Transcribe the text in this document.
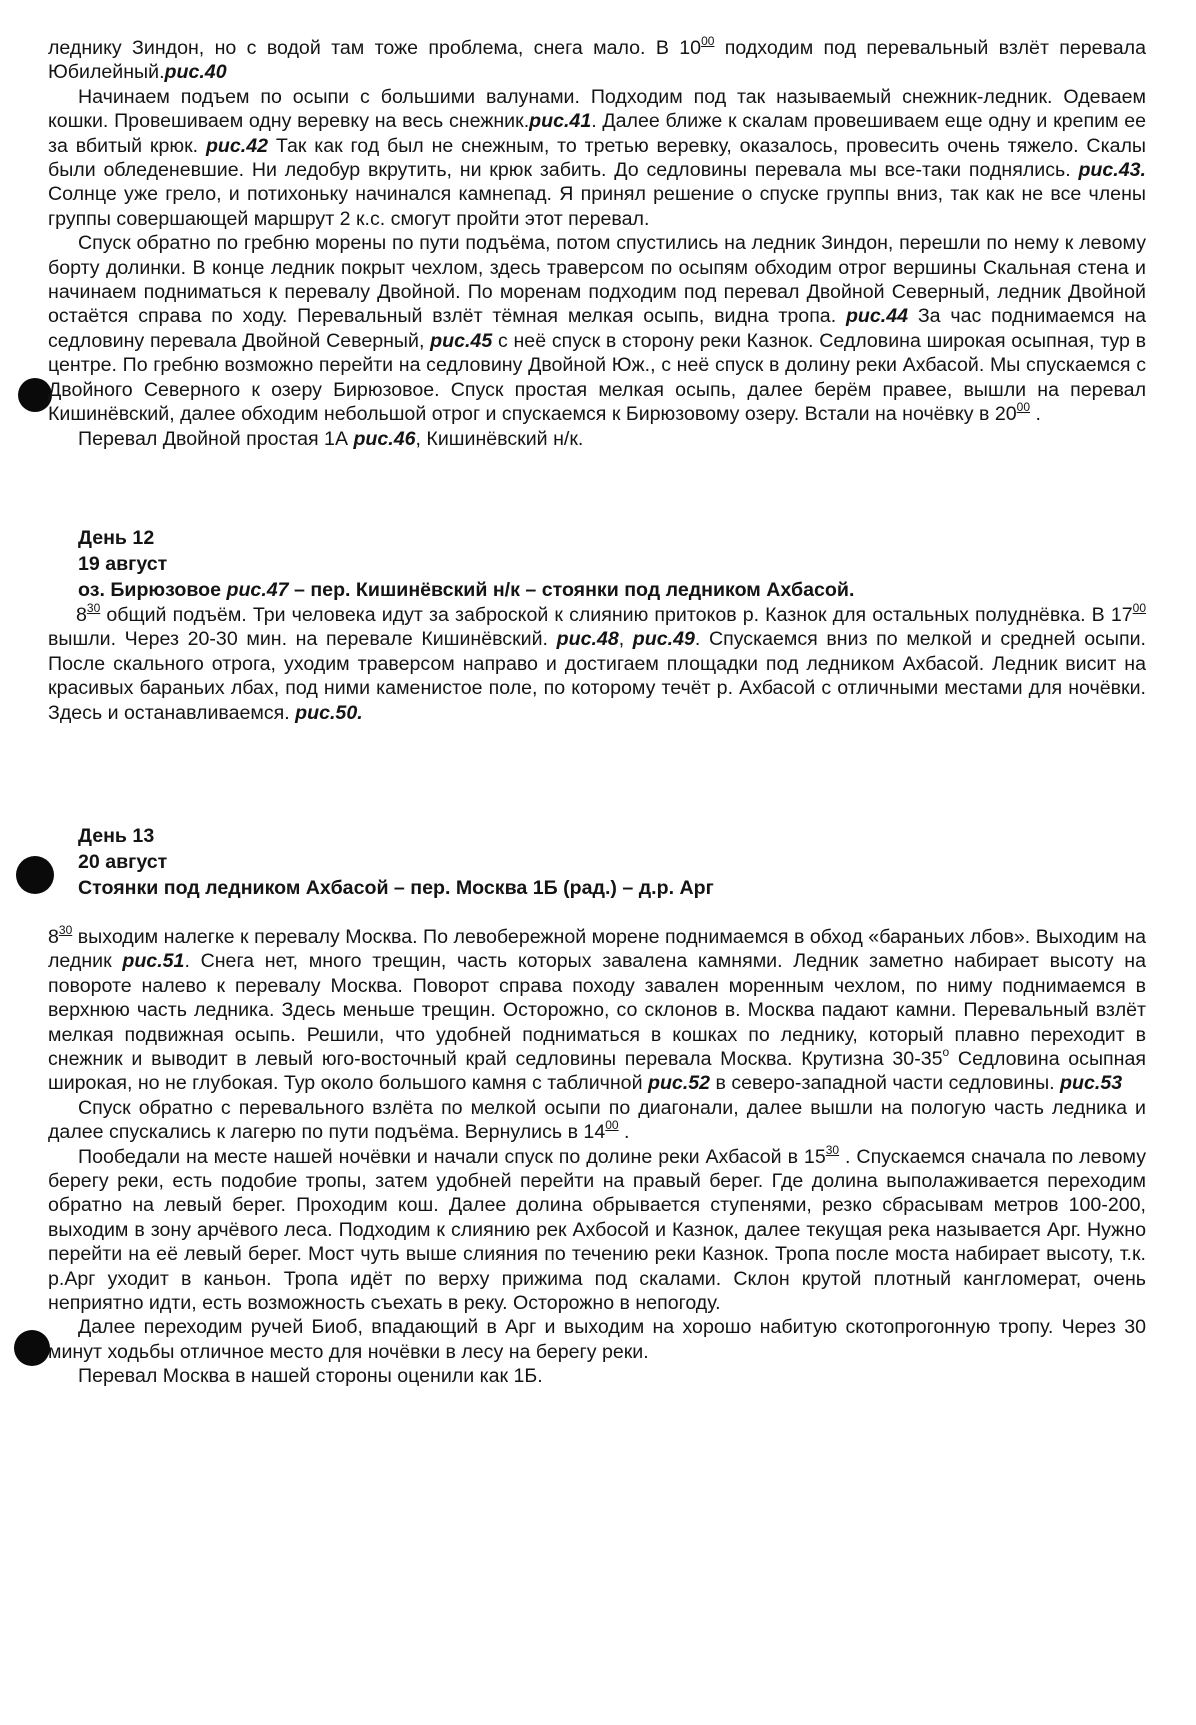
леднику Зиндон, но с водой там тоже проблема, снега мало. В $10^{00}$ подходим под перевальный взлёт перевала Юбилейный.рис.40

Начинаем подъем по осыпи с большими валунами. Подходим под так называемый снежник-ледник. Одеваем кошки. Провешиваем одну веревку на весь снежник.рис.41. Далее ближе к скалам провешиваем еще одну и крепим ее за вбитый крюк. рис.42 Так как год был не снежным, то третью веревку, оказалось, провесить очень тяжело. Скалы были обледеневшие. Ни ледобур вкрутить, ни крюк забить. До седловины перевала мы все-таки поднялись. рис.43. Солнце уже грело, и потихоньку начинался камнепад. Я принял решение о спуске группы вниз, так как не все члены группы совершающей маршрут 2 к.с. смогут пройти этот перевал.

Спуск обратно по гребню морены по пути подъёма, потом спустились на ледник Зиндон, перешли по нему к левому борту долинки. В конце ледник покрыт чехлом, здесь траверсом по осыпям обходим отрог вершины Скальная стена и начинаем подниматься к перевалу Двойной. По моренам подходим под перевал Двойной Северный, ледник Двойной остаётся справа по ходу. Перевальный взлёт тёмная мелкая осыпь, видна тропа. рис.44 За час поднимаемся на седловину перевала Двойной Северный, рис.45 с неё спуск в сторону реки Казнок. Седловина широкая осыпная, тур в центре. По гребню возможно перейти на седловину Двойной Юж., с неё спуск в долину реки Ахбасой. Мы спускаемся с Двойного Северного к озеру Бирюзовое. Спуск простая мелкая осыпь, далее берём правее, вышли на перевал Кишинёвский, далее обходим небольшой отрог и спускаемся к Бирюзовому озеру. Встали на ночёвку в $20^{00}$ .

Перевал Двойной простая 1А рис.46, Кишинёвский н/к.

День 12

19 август

оз. Бирюзовое рис.47 – пер. Кишинёвский н/к – стоянки под ледником Ахбасой.

$8^{30}$ общий подъём. Три человека идут за заброской к слиянию притоков р. Казнок для остальных полуднёвка. В $17^{00}$ вышли. Через 20-30 мин. на перевале Кишинёвский. рис.48, рис.49. Спускаемся вниз по мелкой и средней осыпи. После скального отрога, уходим траверсом направо и достигаем площадки под ледником Ахбасой. Ледник висит на красивых бараньих лбах, под ними каменистое поле, по которому течёт р. Ахбасой с отличными местами для ночёвки. Здесь и останавливаемся. рис.50.

День 13

20 август

Стоянки под ледником Ахбасой – пер. Москва 1Б (рад.) – д.р. Арг

$8^{30}$ выходим налегке к перевалу Москва. По левобережной морене поднимаемся в обход «бараньих лбов». Выходим на ледник рис.51. Снега нет, много трещин, часть которых завалена камнями. Ледник заметно набирает высоту на повороте налево к перевалу Москва. Поворот справа походу завален моренным чехлом, по ниму поднимаемся в верхнюю часть ледника. Здесь меньше трещин. Осторожно, со склонов в. Москва падают камни. Перевальный взлёт мелкая подвижная осыпь. Решили, что удобней подниматься в кошках по леднику, который плавно переходит в снежник и выводит в левый юго-восточный край седловины перевала Москва. Крутизна 30-35$^o$ Седловина осыпная широкая, но не глубокая. Тур около большого камня с табличной рис.52 в северо-западной части седловины. рис.53

Спуск обратно с перевального взлёта по мелкой осыпи по диагонали, далее вышли на пологую часть ледника и далее спускались к лагерю по пути подъёма. Вернулись в $14^{00}$ .

Пообедали на месте нашей ночёвки и начали спуск по долине реки Ахбасой в $15^{30}$ . Спускаемся сначала по левому берегу реки, есть подобие тропы, затем удобней перейти на правый берег. Где долина выполаживается переходим обратно на левый берег. Проходим кош. Далее долина обрывается ступенями, резко сбрасывам метров 100-200, выходим в зону арчёвого леса. Подходим к слиянию рек Ахбосой и Казнок, далее текущая река называется Арг. Нужно перейти на её левый берег. Мост чуть выше слияния по течению реки Казнок. Тропа после моста набирает высоту, т.к. р.Арг уходит в каньон. Тропа идёт по верху прижима под скалами. Склон крутой плотный кангломерат, очень неприятно идти, есть возможность съехать в реку. Осторожно в непогоду.

Далее переходим ручей Биоб, впадающий в Арг и выходим на хорошо набитую скотопрогонную тропу. Через 30 минут ходьбы отличное место для ночёвки в лесу на берегу реки.

Перевал Москва в нашей стороны оценили как 1Б.
